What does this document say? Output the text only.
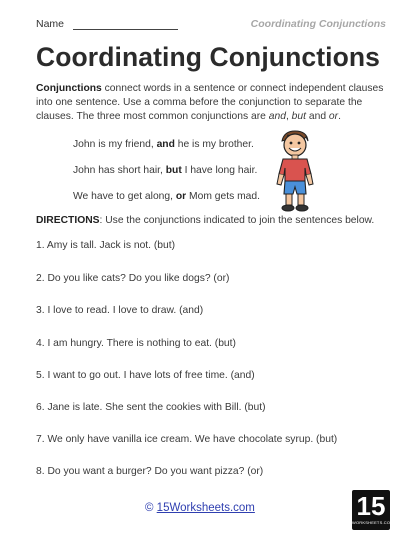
Name	Coordinating Conjunctions
Coordinating Conjunctions
Conjunctions connect words in a sentence or connect independent clauses into one sentence. Use a comma before the conjunction to separate the clauses. The three most common conjunctions are and, but and or.
John is my friend, and he is my brother.
John has short hair, but I have long hair.
We have to get along, or Mom gets mad.
DIRECTIONS: Use the conjunctions indicated to join the sentences below.
1. Amy is tall. Jack is not. (but)
2. Do you like cats? Do you like dogs? (or)
3. I love to read. I love to draw. (and)
4. I am hungry. There is nothing to eat. (but)
5. I want to go out. I have lots of free time. (and)
6. Jane is late. She sent the cookies with Bill. (but)
7. We only have vanilla ice cream. We have chocolate syrup. (but)
8. Do you want a burger? Do you want pizza? (or)
© 15Worksheets.com	15
WORKSHEETS.COM
